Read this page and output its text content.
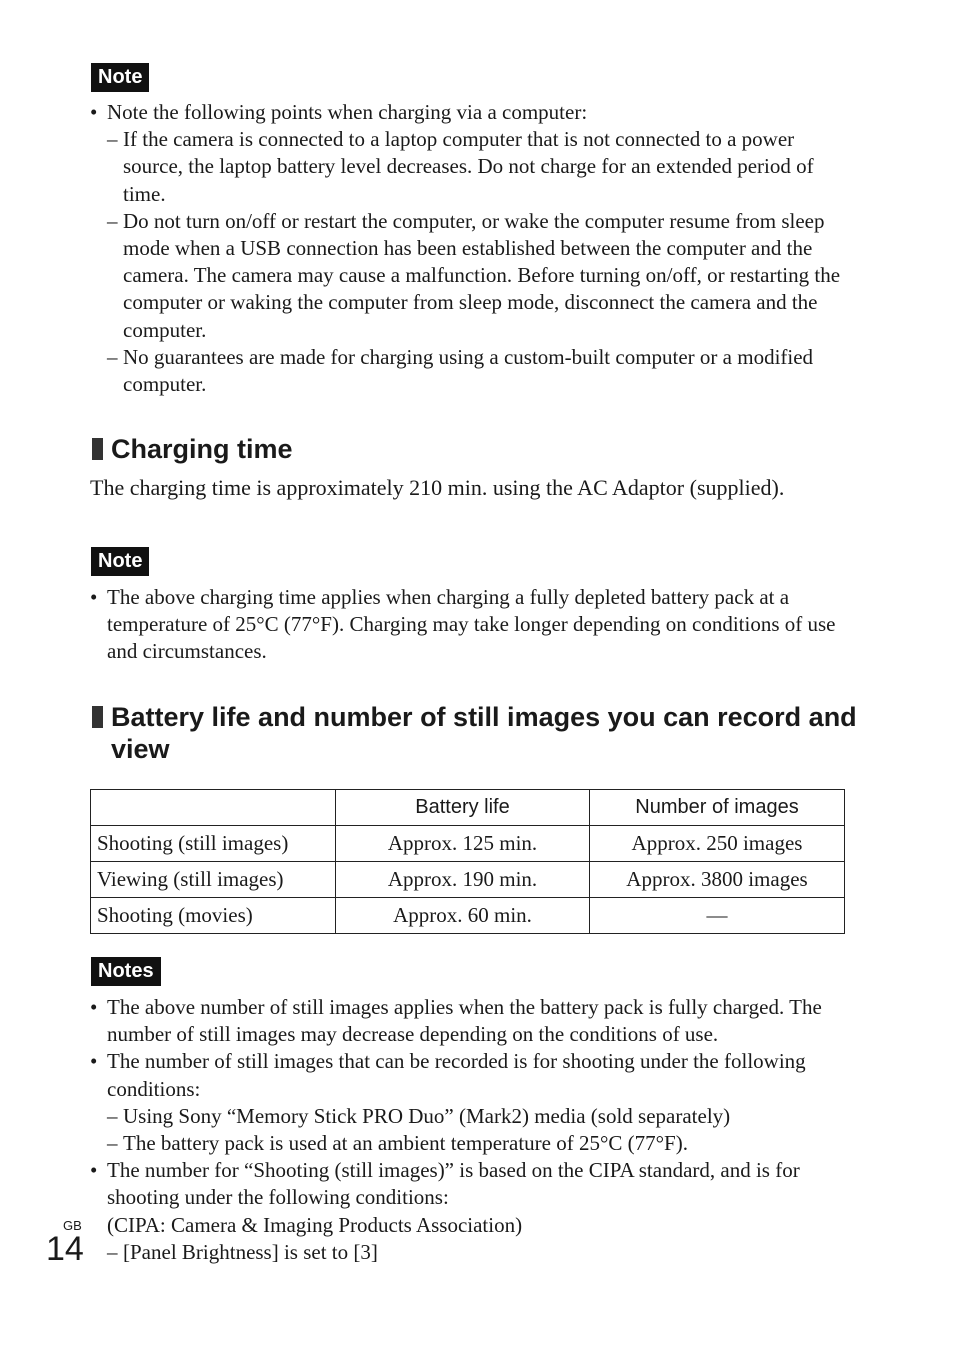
Note
• Note the following points when charging via a computer:
– If the camera is connected to a laptop computer that is not connected to a power source, the laptop battery level decreases. Do not charge for an extended period of time.
– Do not turn on/off or restart the computer, or wake the computer resume from sleep mode when a USB connection has been established between the computer and the camera. The camera may cause a malfunction. Before turning on/off, or restarting the computer or waking the computer from sleep mode, disconnect the camera and the computer.
– No guarantees are made for charging using a custom-built computer or a modified computer.
Charging time
The charging time is approximately 210 min. using the AC Adaptor (supplied).
Note
• The above charging time applies when charging a fully depleted battery pack at a temperature of 25°C (77°F). Charging may take longer depending on conditions of use and circumstances.
Battery life and number of still images you can record and view
	Battery life	Number of images
Shooting (still images)	Approx. 125 min.	Approx. 250 images
Viewing (still images)	Approx. 190 min.	Approx. 3800 images
Shooting (movies)	Approx. 60 min.	—
Notes
• The above number of still images applies when the battery pack is fully charged. The number of still images may decrease depending on the conditions of use.
• The number of still images that can be recorded is for shooting under the following conditions:
– Using Sony “Memory Stick PRO Duo” (Mark2) media (sold separately)
– The battery pack is used at an ambient temperature of 25°C (77°F).
• The number for “Shooting (still images)” is based on the CIPA standard, and is for shooting under the following conditions:
(CIPA: Camera & Imaging Products Association)
– [Panel Brightness] is set to [3]
GB
14
